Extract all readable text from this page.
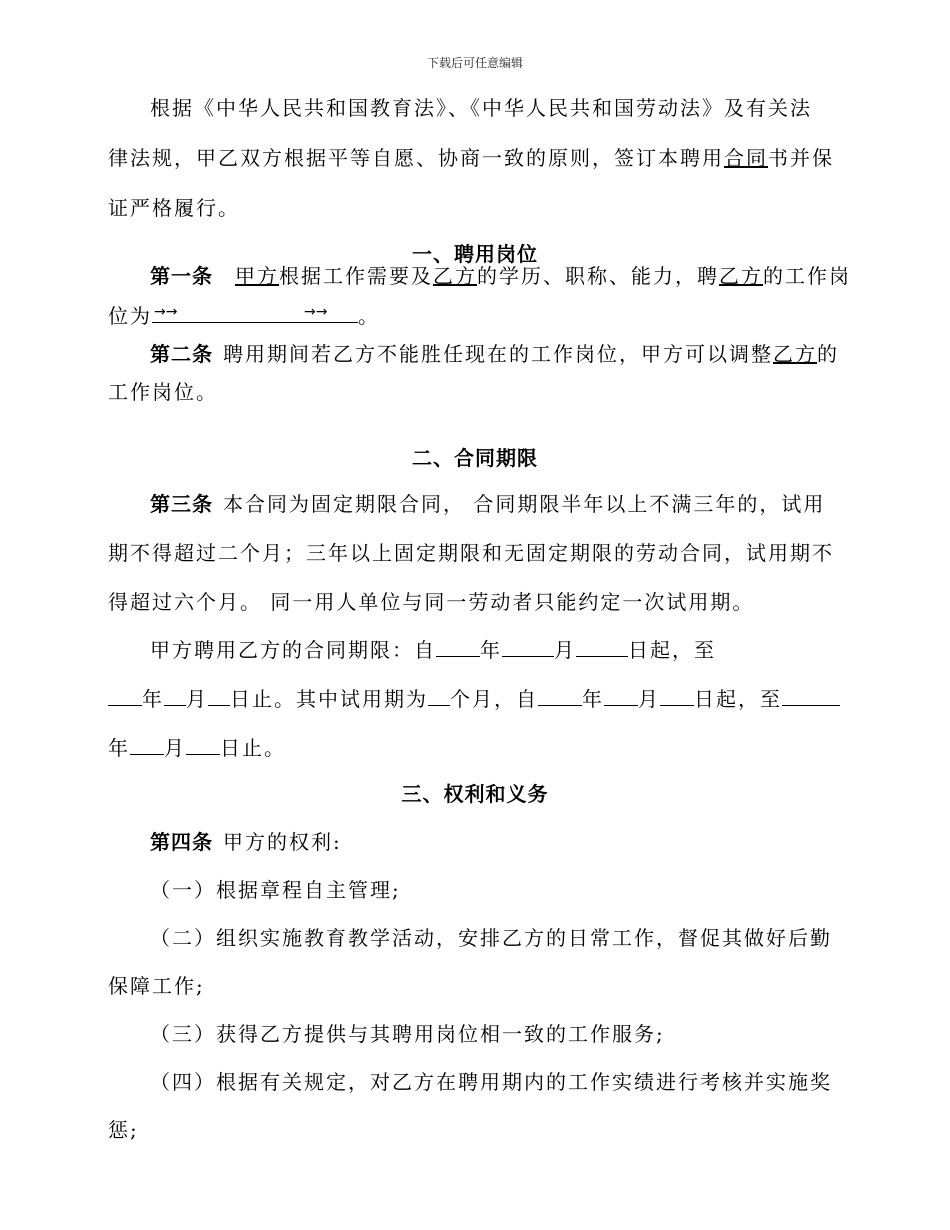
下载后可任意编辑
根据《中华人民共和国教育法》、《中华人民共和国劳动法》及有关法
律法规，甲乙双方根据平等自愿、协商一致的原则，签订本聘用合同书并保
证严格履行。
一、聘用岗位
第一条 甲方根据工作需要及乙方的学历、职称、能力，聘乙方的工作岗
位为 →→	→→ 。
第二条 聘用期间若乙方不能胜任现在的工作岗位，甲方可以调整乙方的
工作岗位。
二、合同期限
第三条 本合同为固定期限合同， 合同期限半年以上不满三年的，试用
期不得超过二个月；三年以上固定期限和无固定期限的劳动合同，试用期不
得超过六个月。 同一用人单位与同一劳动者只能约定一次试用期。
甲方聘用乙方的合同期限：自 年	月	日起，至
年 月 日止。其中试用期为 个月，自 年 月 日起，至
年 月 日止。
三、权利和义务
第四条 甲方的权利:
（一）根据章程自主管理;
（二）组织实施教育教学活动，安排乙方的日常工作，督促其做好后勤
保障工作;
（三）获得乙方提供与其聘用岗位相一致的工作服务;
（四）根据有关规定，对乙方在聘用期内的工作实绩进行考核并实施奖
惩;
